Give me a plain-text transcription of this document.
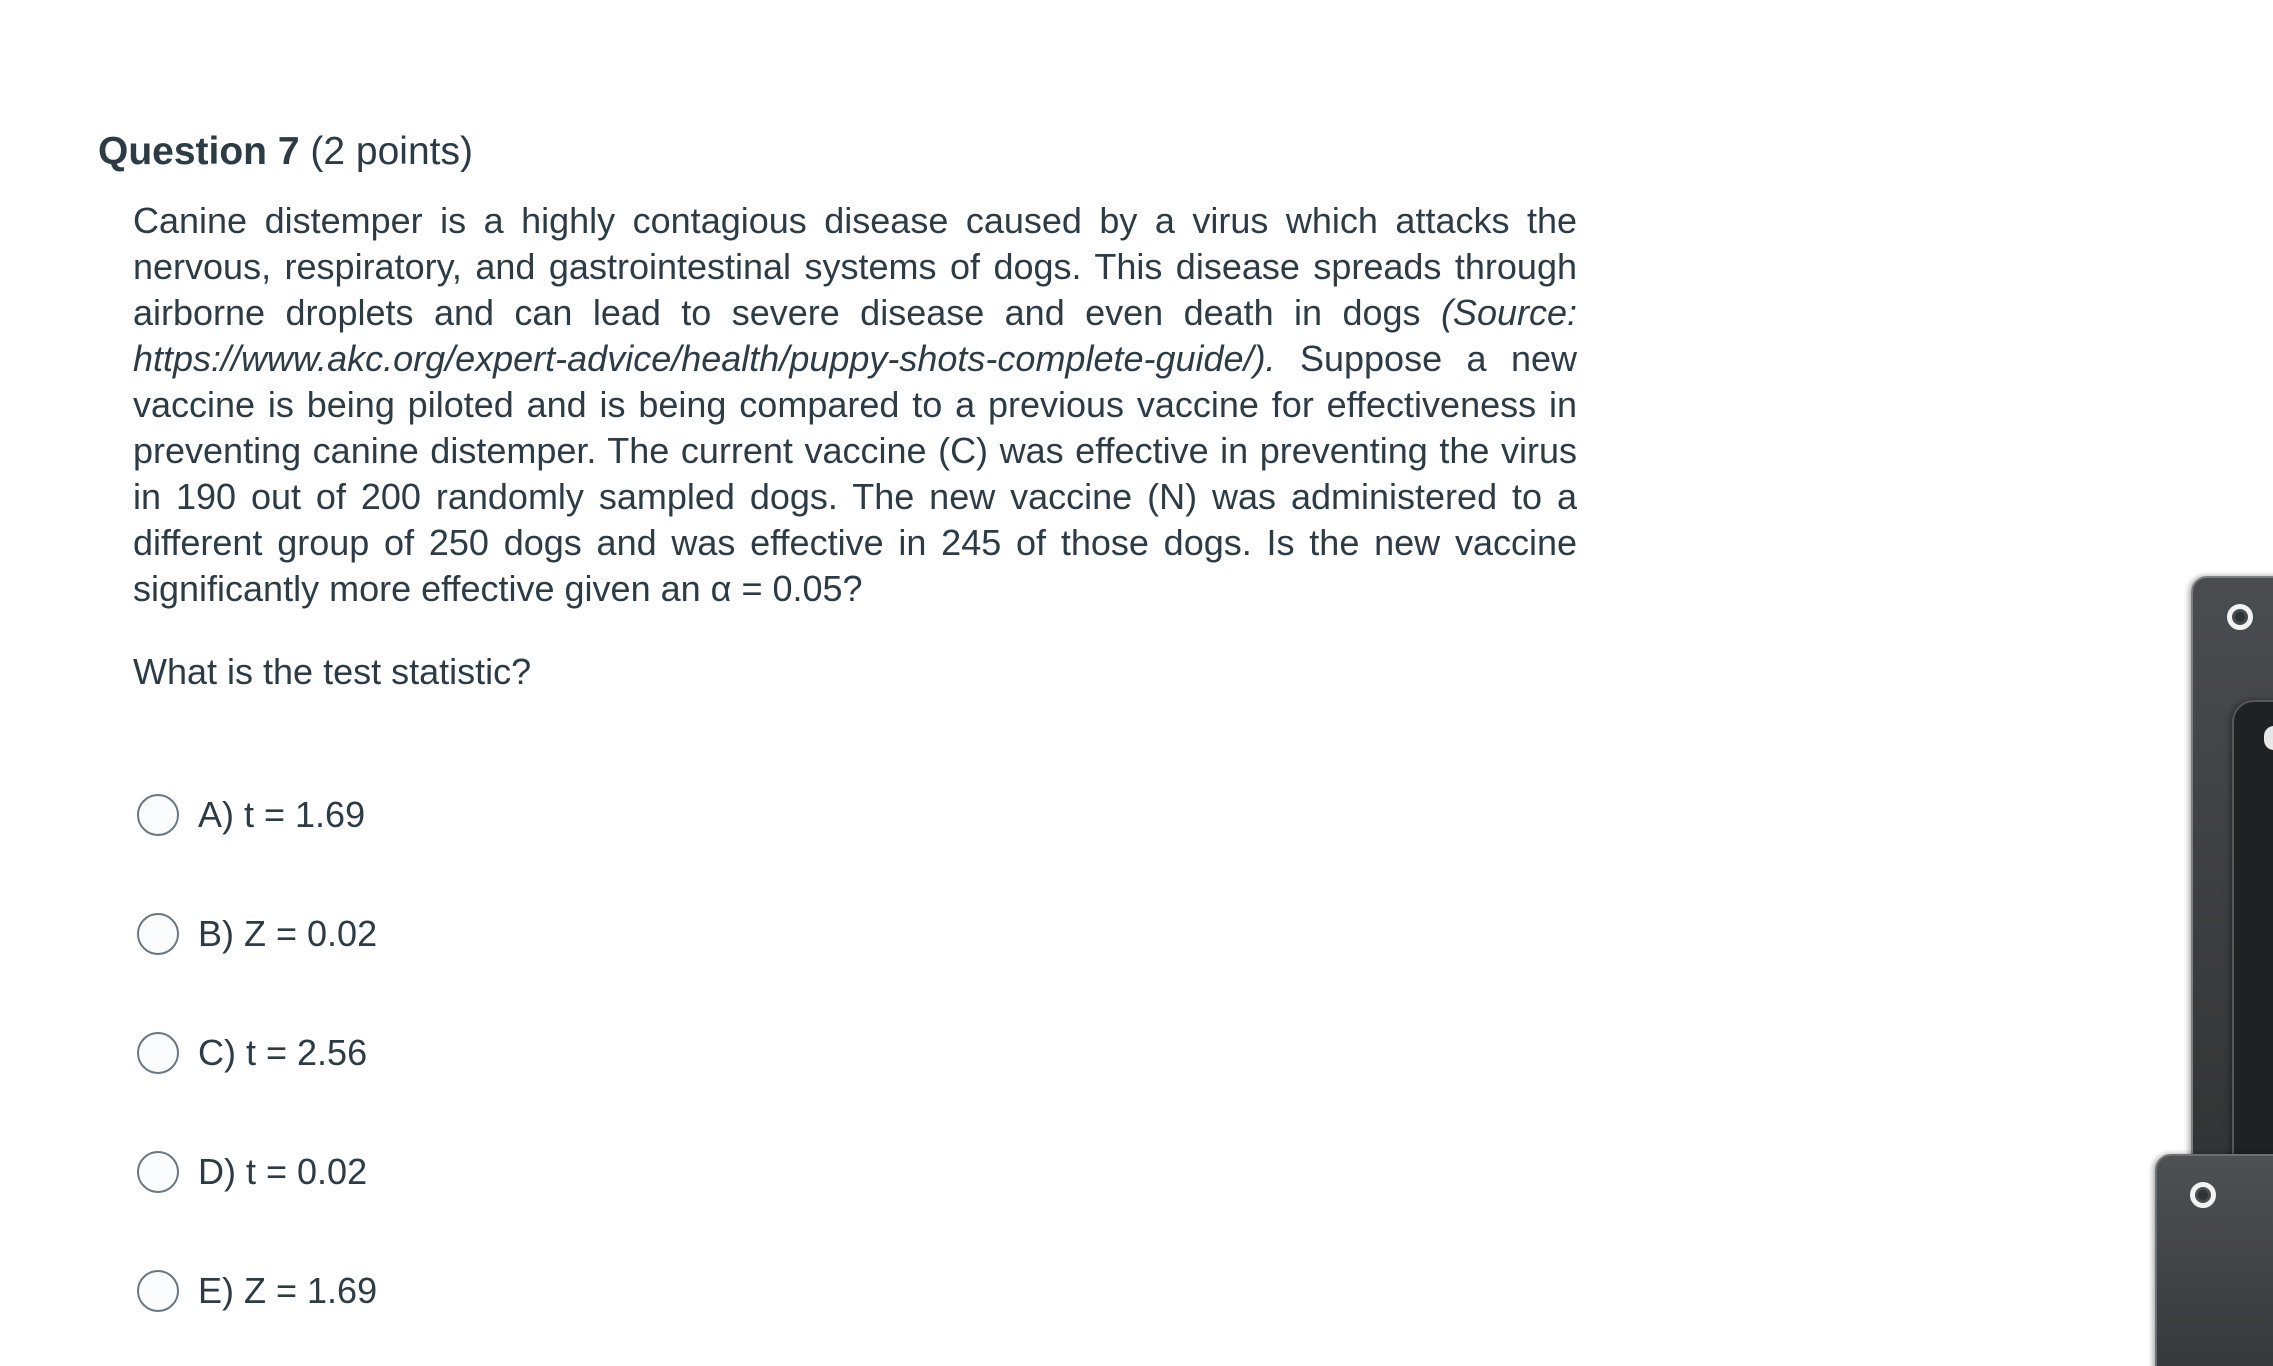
Question 7 (2 points)

Canine distemper is a highly contagious disease caused by a virus which attacks the nervous, respiratory, and gastrointestinal systems of dogs. This disease spreads through airborne droplets and can lead to severe disease and even death in dogs (Source: https://www.akc.org/expert-advice/health/puppy-shots-complete-guide/). Suppose a new vaccine is being piloted and is being compared to a previous vaccine for effectiveness in preventing canine distemper. The current vaccine (C) was effective in preventing the virus in 190 out of 200 randomly sampled dogs. The new vaccine (N) was administered to a different group of 250 dogs and was effective in 245 of those dogs. Is the new vaccine significantly more effective given an α = 0.05?

What is the test statistic?

A) t = 1.69
B) Z = 0.02
C) t = 2.56
D) t = 0.02
E) Z = 1.69
